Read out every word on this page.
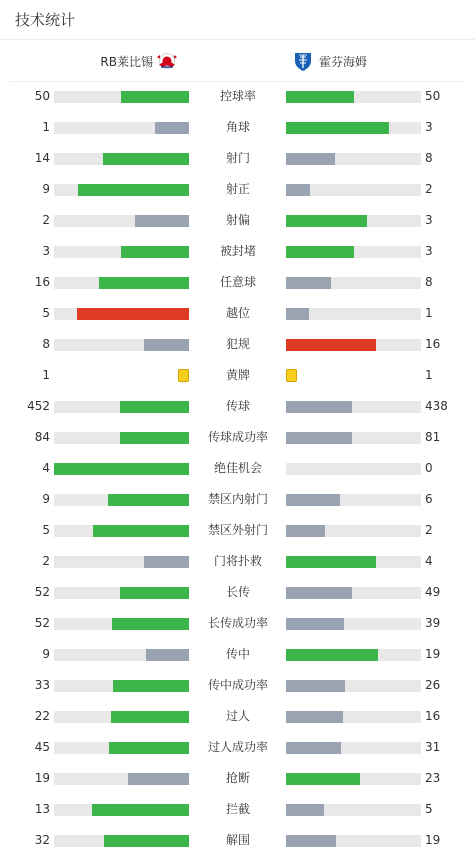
技术统计
RB莱比锡	霍芬海姆
50	控球率	50
1	角球	3
14	射门	8
9	射正	2
2	射偏	3
3	被封堵	3
16	任意球	8
5	越位	1
8	犯规	16
1	黄牌	1
452	传球	438
84	传球成功率	81
4	绝佳机会	0
9	禁区内射门	6
5	禁区外射门	2
2	门将扑救	4
52	长传	49
52	长传成功率	39
9	传中	19
33	传中成功率	26
22	过人	16
45	过人成功率	31
19	抢断	23
13	拦截	5
32	解围	19
